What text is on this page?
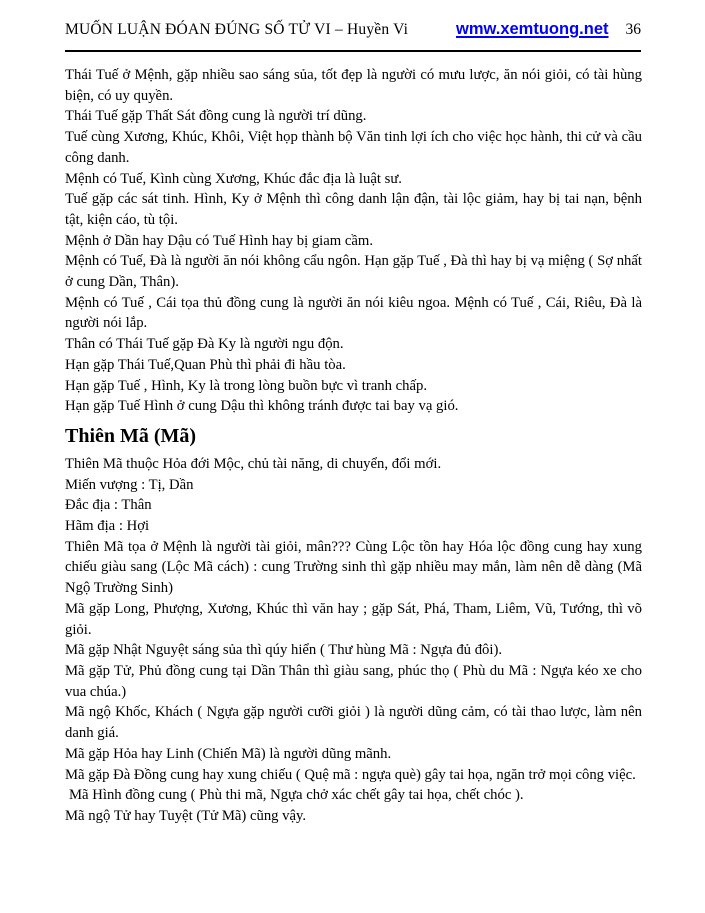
MUỐN LUẬN ĐÓAN ĐÚNG SỐ TỬ VI – Huyền Vi	wmw.xemtuong.net 36

Thái Tuế ở Mệnh, gặp nhiều sao sáng sủa, tốt đẹp là người có mưu lược, ăn nói giỏi, có tài hùng biện, có uy quyền.

Thái Tuế gặp Thất Sát đồng cung là người trí dũng.

Tuế cùng Xương, Khúc, Khôi, Việt họp thành bộ Văn tinh lợi ích cho việc học hành, thi cử và cầu công danh.

Mệnh có Tuế, Kình cùng Xương, Khúc đắc địa là luật sư.

Tuế gặp các sát tinh. Hình, Ky ở Mệnh thì công danh lận đận, tài lộc giảm, hay bị tai nạn, bệnh tật, kiện cáo, tù tội.

Mệnh ở Dần hay Dậu có Tuế Hình hay bị giam cầm.

Mệnh có Tuế, Đà là người ăn nói không cẩu ngôn. Hạn gặp Tuế , Đà thì hay bị vạ miệng ( Sợ nhất ở cung Dần, Thân).

Mệnh có Tuế , Cái tọa thủ đồng cung là người ăn nói kiêu ngoa. Mệnh có Tuế , Cái, Riêu, Đà là người nói lắp.

Thân có Thái Tuế gặp Đà Ky là người ngu độn.

Hạn gặp Thái Tuế,Quan Phù thì phải đi hầu tòa.

Hạn gặp Tuế , Hình, Ky là trong lòng buồn bực vì tranh chấp.

Hạn gặp Tuế Hình ở cung Dậu thì không tránh được tai bay vạ gió.

Thiên Mã (Mã)

Thiên Mã thuộc Hỏa đới Mộc, chủ tài năng, di chuyển, đổi mới.

Miến vượng : Tị, Dần

Đắc địa : Thân

Hãm địa : Hợi

Thiên Mã tọa ở Mệnh là người tài giỏi, mân??? Cùng Lộc tồn hay Hóa lộc đồng cung hay xung chiếu giàu sang (Lộc Mã cách) : cung Trường sinh thì gặp nhiều may mắn, làm nên dễ dàng (Mã Ngộ Trường Sinh)

Mã gặp Long, Phượng, Xương, Khúc thì văn hay ; gặp Sát, Phá, Tham, Liêm, Vũ, Tướng, thì võ giỏi.

Mã gặp Nhật Nguyệt sáng sủa thì qúy hiển ( Thư hùng Mã : Ngựa đủ đôi).

Mã gặp Tử, Phủ đồng cung tại Dần Thân thì giàu sang, phúc thọ ( Phù du Mã : Ngựa kéo xe cho vua chúa.)

Mã ngộ Khốc, Khách ( Ngựa gặp người cưỡi giỏi ) là người dũng cảm, có tài thao lược, làm nên danh giá.

Mã gặp Hỏa hay Linh (Chiến Mã) là người dũng mãnh.

Mã gặp Đà Đồng cung hay xung chiếu ( Quệ mã : ngựa què) gây tai họa, ngăn trở mọi công việc.

Mã Hình đồng cung ( Phù thi mã, Ngựa chở xác chết gây tai họa, chết chóc ).

Mã ngộ Tử hay Tuyệt (Tử Mã) cũng vậy.
